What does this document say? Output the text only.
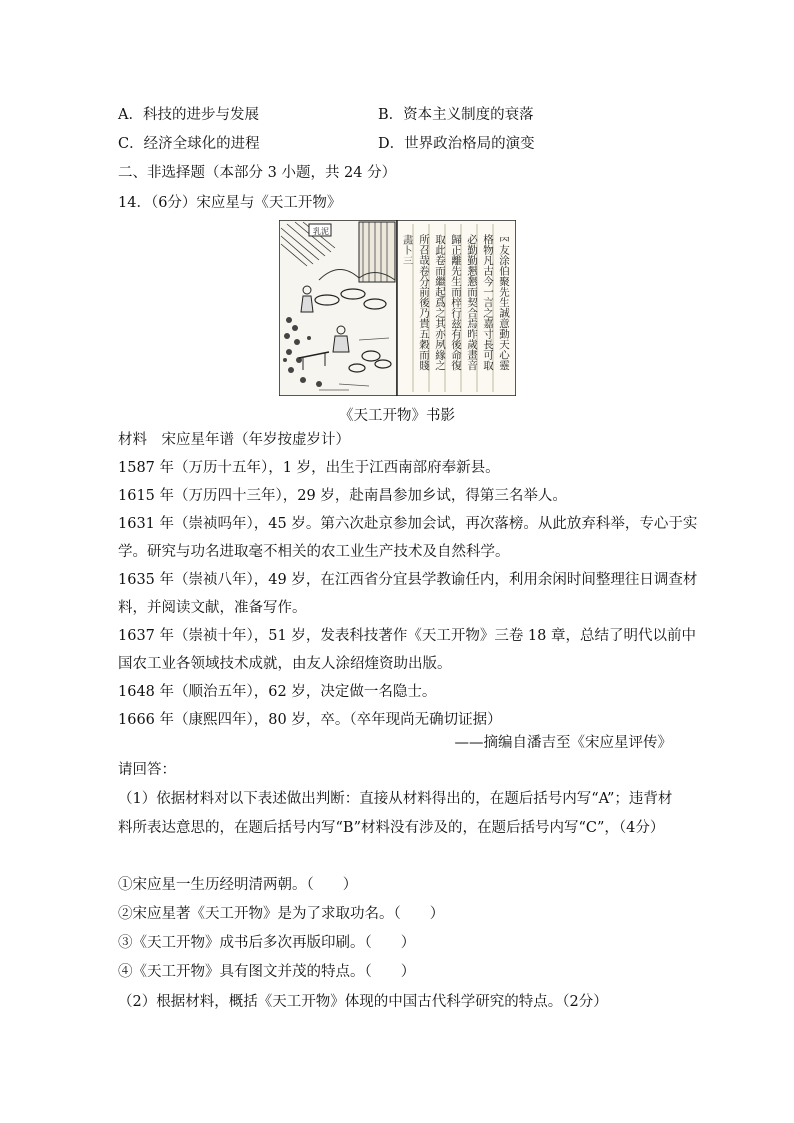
A．科技的进步与发展	B．资本主义制度的衰落
C．经济全球化的进程	D．世界政治格局的演变
二、非选择题（本部分 3 小题，共 24 分）
14．（6分）宋应星与《天工开物》
乳泥
𠔿友涂伯聚先生誠意動天心靈
格物凡古今一言之嘉寸長可取
必勤勤懇懇而契合焉昨歲畫音
歸正離先生而梓行兹有後命復
取此卷而繼起爲之其亦夙緣之
所召哉卷分前後乃貴五穀而賤
𦘕卜三
《天工开物》书影
材料　宋应星年谱（年岁按虚岁计）
1587 年（万历十五年），1 岁，出生于江西南部府奉新县。
1615 年（万历四十三年），29 岁，赴南昌参加乡试，得第三名举人。
1631 年（崇祯吗年），45 岁。第六次赴京参加会试，再次落榜。从此放弃科举，专心于实
学。研究与功名进取毫不相关的农工业生产技术及自然科学。
1635 年（崇祯八年），49 岁，在江西省分宜县学教谕任内，利用余闲时间整理往日调查材
料，并阅读文献，准备写作。
1637 年（崇祯十年），51 岁，发表科技著作《天工开物》三卷 18 章，总结了明代以前中
国农工业各领域技术成就，由友人涂绍煃资助出版。
1648 年（顺治五年），62 岁，决定做一名隐士。
1666 年（康熙四年），80 岁，卒。（卒年现尚无确切证据）
——摘编自潘吉至《宋应星评传》
请回答：
（1）依据材料对以下表述做出判断：直接从材料得出的，在题后括号内写“A”；违背材
料所表达意思的，在题后括号内写“B”材料没有涉及的，在题后括号内写“C”，（4分）
①宋应星一生历经明清两朝。（　　）
②宋应星著《天工开物》是为了求取功名。（　　）
③《天工开物》成书后多次再版印刷。（　　）
④《天工开物》具有图文并茂的特点。（　　）
（2）根据材料，概括《天工开物》体现的中国古代科学研究的特点。（2分）
